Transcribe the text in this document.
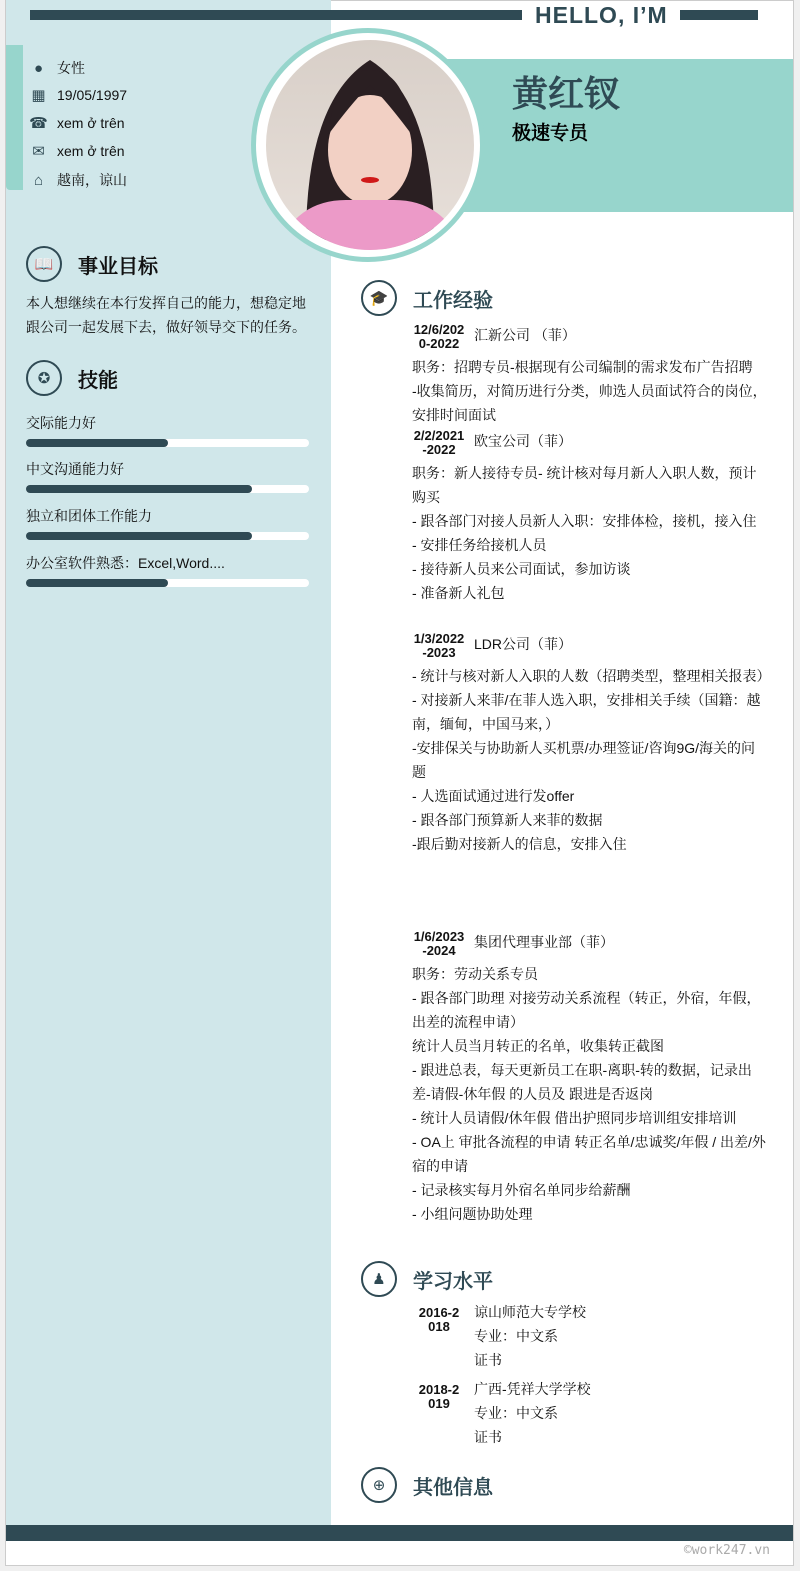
HELLO, I’M
黄红钗
极速专员
● 女性
▦ 19/05/1997
☎ xem ở trên
✉ xem ở trên
⌂ 越南，谅山
📖	事业目标
本人想继续在本行发挥自己的能力，想稳定地跟公司一起发展下去，做好领导交下的任务。
✪	技能
交际能力好
中文沟通能力好
独立和团体工作能力
办公室软件熟悉：Excel,Word....
🎓	工作经验
12/6/2020-2022
汇新公司 （菲）
职务：招聘专员-根据现有公司编制的需求发布广告招聘
-收集简历，对简历进行分类，帅选人员面试符合的岗位，安排时间面试
2/2/2021-2022
欧宝公司（菲）
职务：新人接待专员- 统计核对每月新人入职人数，预计购买
- 跟各部门对接人员新人入职：安排体检，接机，接入住
- 安排任务给接机人员
- 接待新人员来公司面试，参加访谈
- 准备新人礼包
1/3/2022-2023
LDR公司（菲）
- 统计与核对新人入职的人数（招聘类型，整理相关报表）
- 对接新人来菲/在菲人选入职，安排相关手续（国籍：越南，缅甸，中国马来，）
-安排保关与协助新人买机票/办理签证/咨询9G/海关的问题
- 人选面试通过进行发offer
- 跟各部门预算新人来菲的数据
-跟后勤对接新人的信息，安排入住
1/6/2023-2024
集团代理事业部（菲）
职务：劳动关系专员
- 跟各部门助理 对接劳动关系流程（转正，外宿，年假，出差的流程申请）
统计人员当月转正的名单，收集转正截图
- 跟进总表，每天更新员工在职-离职-转的数据，记录出差-请假-休年假 的人员及 跟进是否返岗
- 统计人员请假/休年假 借出护照同步培训组安排培训
- OA上 审批各流程的申请 转正名单/忠诚奖/年假 / 出差/外宿的申请
- 记录核实每月外宿名单同步给薪酬
- 小组问题协助处理
♟	学习水平
2016-2018
谅山师范大专学校
专业：中文系
证书
2018-2019
广西-凭祥大学学校
专业：中文系
证书
⊕	其他信息
©work247.vn
